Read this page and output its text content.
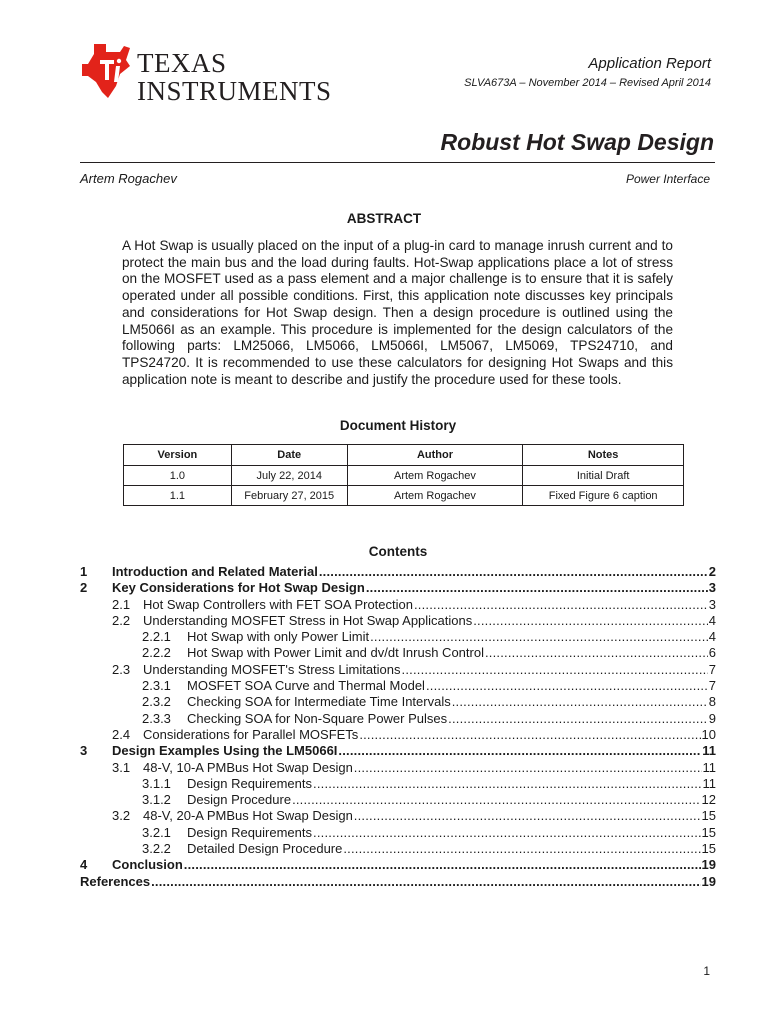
TEXAS
INSTRUMENTS
Application Report
SLVA673A – November 2014 – Revised April 2014
Robust Hot Swap Design
Artem Rogachev	Power Interface
ABSTRACT
A Hot Swap is usually placed on the input of a plug-in card to manage inrush current and to protect the main bus and the load during faults. Hot-Swap applications place a lot of stress on the MOSFET used as a pass element and a major challenge is to ensure that it is safely operated under all possible conditions. First, this application note discusses key principals and considerations for Hot Swap design. Then a design procedure is outlined using the LM5066I as an example. This procedure is implemented for the design calculators of the following parts: LM25066, LM5066, LM5066I, LM5067, LM5069, TPS24710, and TPS24720. It is recommended to use these calculators for designing Hot Swaps and this application note is meant to describe and justify the procedure used for these tools.
Document History
Version	Date	Author	Notes
1.0	July 22, 2014	Artem Rogachev	Initial Draft
1.1	February 27, 2015	Artem Rogachev	Fixed Figure 6 caption
Contents
1	Introduction and Related Material .....	2
2	Key Considerations for Hot Swap Design .....	3
2.1 Hot Swap Controllers with FET SOA Protection .....	3
2.2 Understanding MOSFET Stress in Hot Swap Applications .....	4
2.2.1	Hot Swap with only Power Limit .....	4
2.2.2	Hot Swap with Power Limit and dv/dt Inrush Control .....	6
2.3 Understanding MOSFET's Stress Limitations .....	7
2.3.1	MOSFET SOA Curve and Thermal Model .....	7
2.3.2	Checking SOA for Intermediate Time Intervals .....	8
2.3.3	Checking SOA for Non-Square Power Pulses .....	9
2.4 Considerations for Parallel MOSFETs .....	10
3	Design Examples Using the LM5066I .....	11
3.1 48-V, 10-A PMBus Hot Swap Design .....	11
3.1.1	Design Requirements .....	11
3.1.2	Design Procedure .....	12
3.2 48-V, 20-A PMBus Hot Swap Design .....	15
3.2.1	Design Requirements .....	15
3.2.2	Detailed Design Procedure .....	15
4	Conclusion .....	19
References .....	19
1
